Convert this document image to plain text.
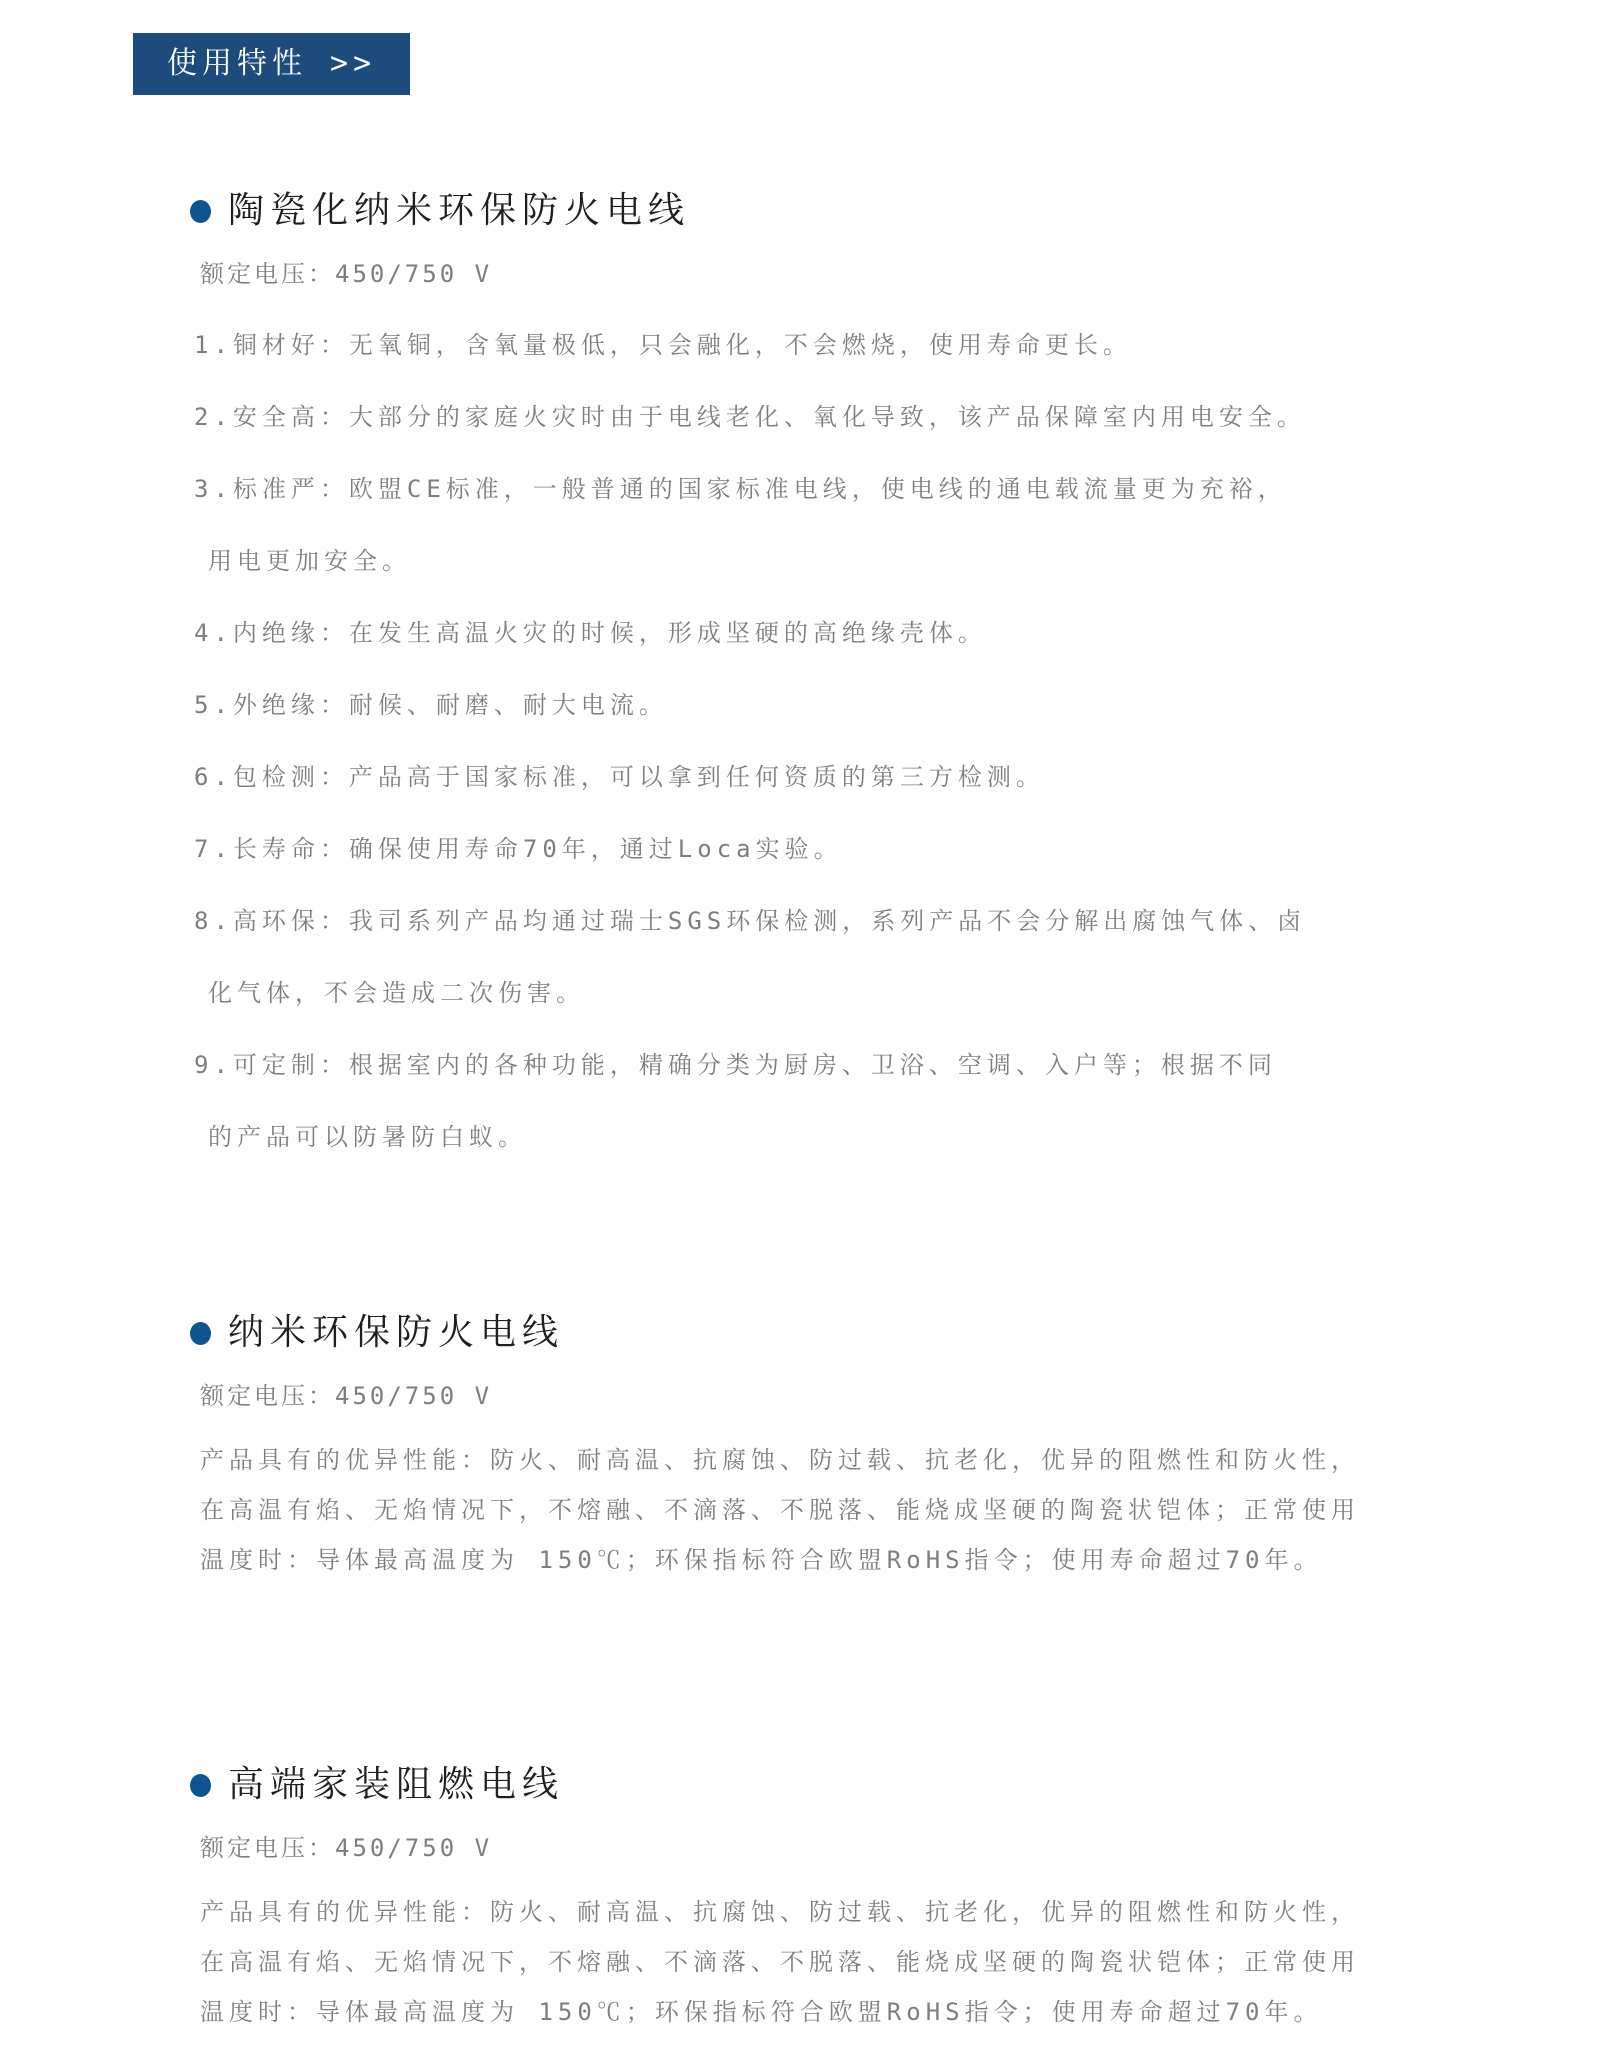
使用特性 >>
陶瓷化纳米环保防火电线
额定电压：450/750 V

1.铜材好：无氧铜，含氧量极低，只会融化，不会燃烧，使用寿命更长。

2.安全高：大部分的家庭火灾时由于电线老化、氧化导致，该产品保障室内用电安全。

3.标准严：欧盟CE标准，一般普通的国家标准电线，使电线的通电载流量更为充裕，

用电更加安全。

4.内绝缘：在发生高温火灾的时候，形成坚硬的高绝缘壳体。

5.外绝缘：耐候、耐磨、耐大电流。

6.包检测：产品高于国家标准，可以拿到任何资质的第三方检测。

7.长寿命：确保使用寿命70年，通过Loca实验。

8.高环保：我司系列产品均通过瑞士SGS环保检测，系列产品不会分解出腐蚀气体、卤

化气体，不会造成二次伤害。

9.可定制：根据室内的各种功能，精确分类为厨房、卫浴、空调、入户等；根据不同

的产品可以防暑防白蚁。

纳米环保防火电线
额定电压：450/750 V

产品具有的优异性能：防火、耐高温、抗腐蚀、防过载、抗老化，优异的阻燃性和防火性，

在高温有焰、无焰情况下，不熔融、不滴落、不脱落、能烧成坚硬的陶瓷状铠体；正常使用

温度时：导体最高温度为 150℃；环保指标符合欧盟RoHS指令；使用寿命超过70年。

高端家装阻燃电线
额定电压：450/750 V

产品具有的优异性能：防火、耐高温、抗腐蚀、防过载、抗老化，优异的阻燃性和防火性，

在高温有焰、无焰情况下，不熔融、不滴落、不脱落、能烧成坚硬的陶瓷状铠体；正常使用

温度时：导体最高温度为 150℃；环保指标符合欧盟RoHS指令；使用寿命超过70年。
